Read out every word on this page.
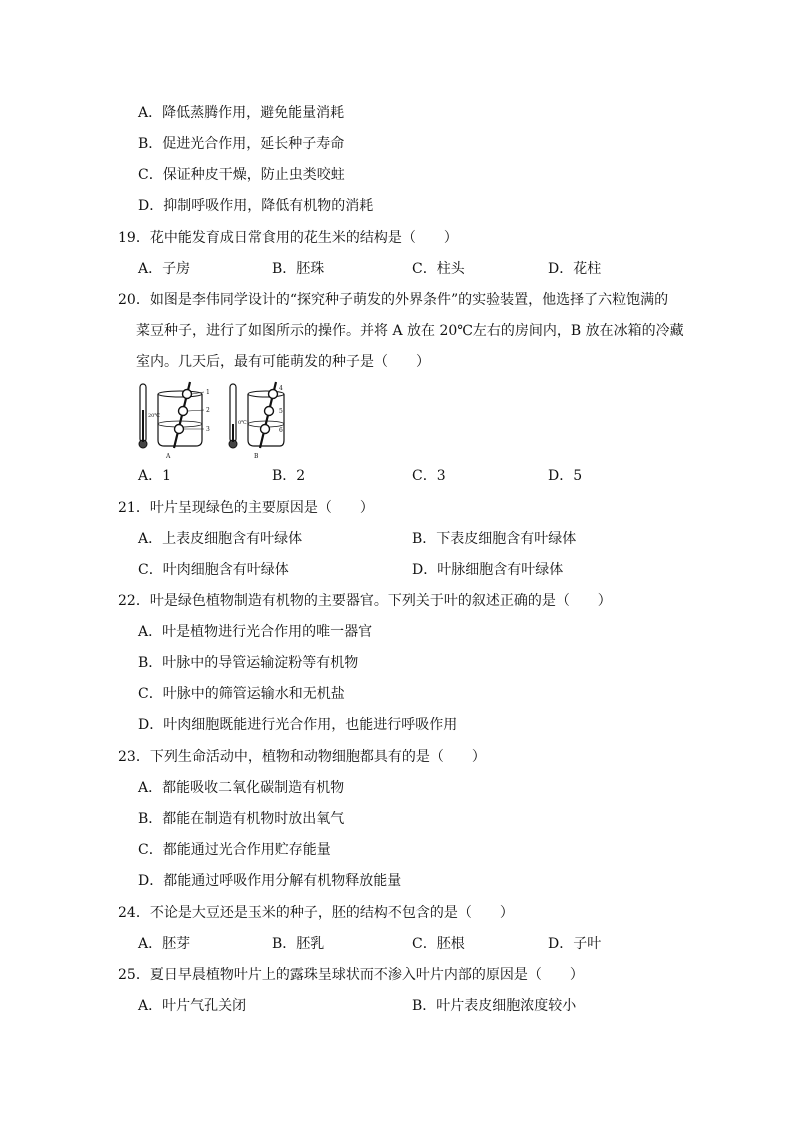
A．降低蒸腾作用，避免能量消耗
B．促进光合作用，延长种子寿命
C．保证种皮干燥，防止虫类咬蛀
D．抑制呼吸作用，降低有机物的消耗
19．花中能发育成日常食用的花生米的结构是（　　）
A．子房	B．胚珠	C．柱头	D．花柱
20．如图是李伟同学设计的“探究种子萌发的外界条件”的实验装置，他选择了六粒饱满的
菜豆种子，进行了如图所示的操作。并将 A 放在 20℃左右的房间内，B 放在冰箱的冷藏
室内。几天后，最有可能萌发的种子是（　　）
20℃
1
2
3
A
0℃
4
5
6
B
A．1	B．2	C．3	D．5
21．叶片呈现绿色的主要原因是（　　）
A．上表皮细胞含有叶绿体	B．下表皮细胞含有叶绿体
C．叶肉细胞含有叶绿体	D．叶脉细胞含有叶绿体
22．叶是绿色植物制造有机物的主要器官。下列关于叶的叙述正确的是（　　）
A．叶是植物进行光合作用的唯一器官
B．叶脉中的导管运输淀粉等有机物
C．叶脉中的筛管运输水和无机盐
D．叶肉细胞既能进行光合作用，也能进行呼吸作用
23．下列生命活动中，植物和动物细胞都具有的是（　　）
A．都能吸收二氧化碳制造有机物
B．都能在制造有机物时放出氧气
C．都能通过光合作用贮存能量
D．都能通过呼吸作用分解有机物释放能量
24．不论是大豆还是玉米的种子，胚的结构不包含的是（　　）
A．胚芽	B．胚乳	C．胚根	D．子叶
25．夏日早晨植物叶片上的露珠呈球状而不渗入叶片内部的原因是（　　）
A．叶片气孔关闭	B．叶片表皮细胞浓度较小
